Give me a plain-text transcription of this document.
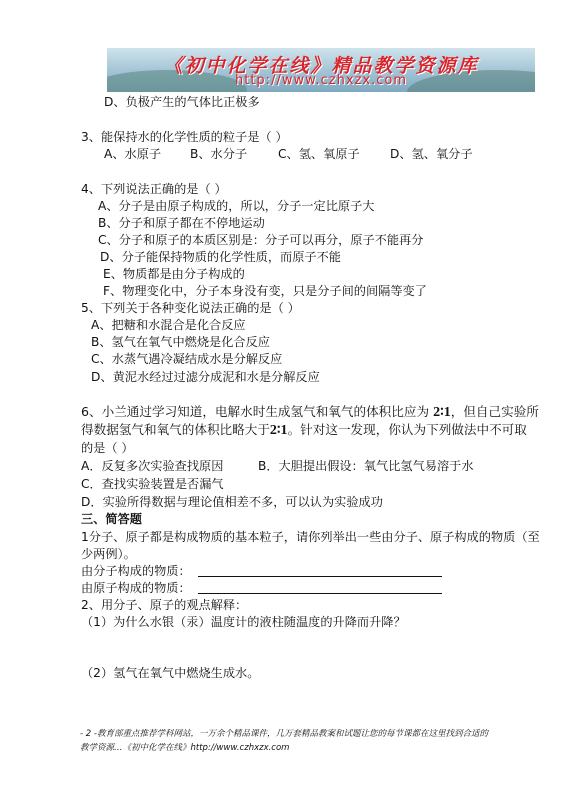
《初中化学在线》精品教学资源库
http://www.czhxzx.com
D、负极产生的气体比正极多
3、能保持水的化学性质的粒子是（ ）
A、水原子 B、水分子	C、氢、氧原子 D、氢、氧分子
4、下列说法正确的是（ ）
A、分子是由原子构成的，所以，分子一定比原子大
B、分子和原子都在不停地运动
C、分子和原子的本质区别是：分子可以再分，原子不能再分
D、分子能保持物质的化学性质，而原子不能
E、物质都是由分子构成的
F、物理变化中，分子本身没有变，只是分子间的间隔等变了
5、下列关于各种变化说法正确的是（ ）
A、把糖和水混合是化合反应
B、氢气在氧气中燃烧是化合反应
C、水蒸气遇冷凝结成水是分解反应
D、黄泥水经过过滤分成泥和水是分解反应
6、小兰通过学习知道，电解水时生成氢气和氧气的体积比应为 2∶1，但自己实验所
得数据氢气和氧气的体积比略大于2∶1。针对这一发现，你认为下列做法中不可取
的是（ ）
A．反复多次实验查找原因	B．大胆提出假设：氧气比氢气易溶于水
C．查找实验装置是否漏气
D．实验所得数据与理论值相差不多，可以认为实验成功
三、简答题
1分子、原子都是构成物质的基本粒子，请你列举出一些由分子、原子构成的物质（至
少两例）。
由分子构成的物质：
由原子构成的物质：
2、用分子、原子的观点解释：
（1）为什么水银（汞）温度计的液柱随温度的升降而升降？
（2）氢气在氧气中燃烧生成水。
- 2 -教育部重点推荐学科网站，一万余个精品课件，几万套精品教案和试题让您的每节课都在这里找到合适的
教学资源…《初中化学在线》http://www.czhxzx.com
